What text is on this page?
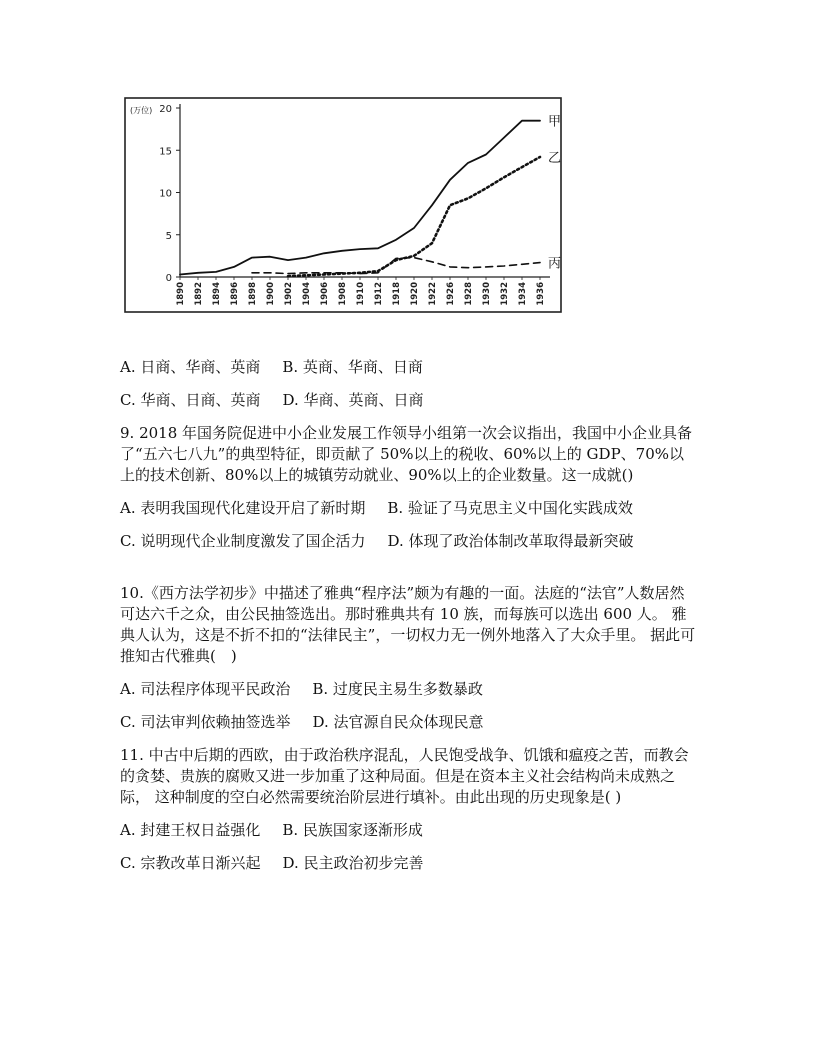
(万位)
0
5
10
15
20
1890 1892 1894 1896 1898 1900 1902 1904 1906 1908 1910 1912 1918 1920 1922 1926 1928 1930 1932 1934 1936
甲
乙
丙
A. 日商、华商、英商 B. 英商、华商、日商
C. 华商、日商、英商 D. 华商、英商、日商
9. 2018 年国务院促进中小企业发展工作领导小组第一次会议指出，我国中小企业具备了“五六七八九”的典型特征，即贡献了 50%以上的税收、60%以上的 GDP、70%以上的技术创新、80%以上的城镇劳动就业、90%以上的企业数量。这一成就()
A. 表明我国现代化建设开启了新时期 B. 验证了马克思主义中国化实践成效
C. 说明现代企业制度激发了国企活力 D. 体现了政治体制改革取得最新突破
10.《西方法学初步》中描述了雅典“程序法”颇为有趣的一面。法庭的“法官”人数居然可达六千之众，由公民抽签选出。那时雅典共有 10 族，而每族可以选出 600 人。 雅典人认为，这是不折不扣的“法律民主”，一切权力无一例外地落入了大众手里。 据此可推知古代雅典(　)
A. 司法程序体现平民政治 B. 过度民主易生多数暴政
C. 司法审判依赖抽签选举 D. 法官源自民众体现民意
11. 中古中后期的西欧，由于政治秩序混乱，人民饱受战争、饥饿和瘟疫之苦，而教会的贪婪、贵族的腐败又进一步加重了这种局面。但是在资本主义社会结构尚未成熟之际， 这种制度的空白必然需要统治阶层进行填补。由此出现的历史现象是( )
A. 封建王权日益强化 B. 民族国家逐渐形成
C. 宗教改革日渐兴起 D. 民主政治初步完善
